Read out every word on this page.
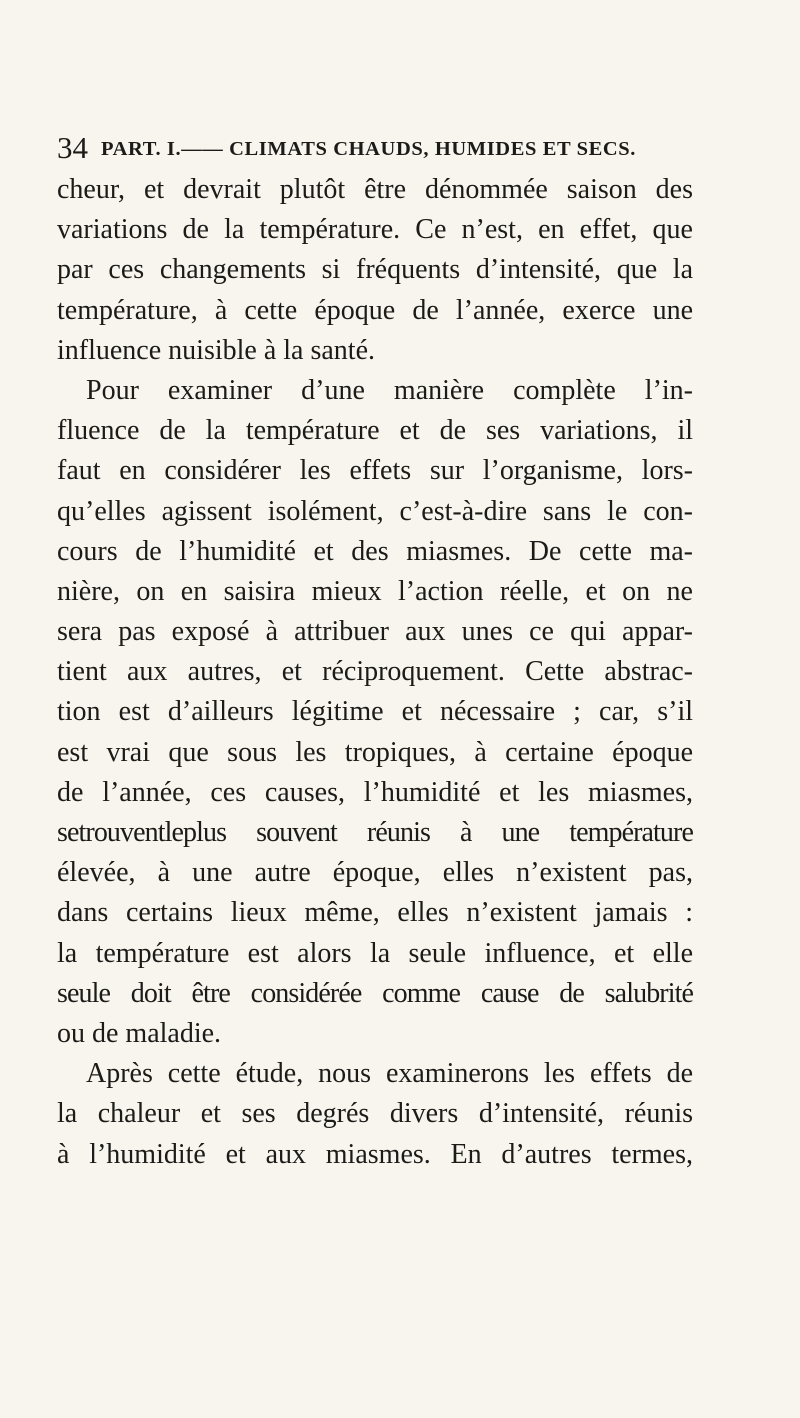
34 PART. I.—— CLIMATS CHAUDS, HUMIDES ET SECS.
cheur, et devrait plutôt être dénommée saison des
variations de la température. Ce n’est, en effet, que
par ces changements si fréquents d’intensité, que la
température, à cette époque de l’année, exerce une
influence nuisible à la santé.
Pour examiner d’une manière complète l’in-
fluence de la température et de ses variations, il
faut en considérer les effets sur l’organisme, lors-
qu’elles agissent isolément, c’est-à-dire sans le con-
cours de l’humidité et des miasmes. De cette ma-
nière, on en saisira mieux l’action réelle, et on ne
sera pas exposé à attribuer aux unes ce qui appar-
tient aux autres, et réciproquement. Cette abstrac-
tion est d’ailleurs légitime et nécessaire ; car, s’il
est vrai que sous les tropiques, à certaine époque
de l’année, ces causes, l’humidité et les miasmes,
setrouventleplus souvent réunis à une température
élevée, à une autre époque, elles n’existent pas,
dans certains lieux même, elles n’existent jamais :
la température est alors la seule influence, et elle
seule doit être considérée comme cause de salubrité
ou de maladie.
Après cette étude, nous examinerons les effets de
la chaleur et ses degrés divers d’intensité, réunis
à l’humidité et aux miasmes. En d’autres termes,
